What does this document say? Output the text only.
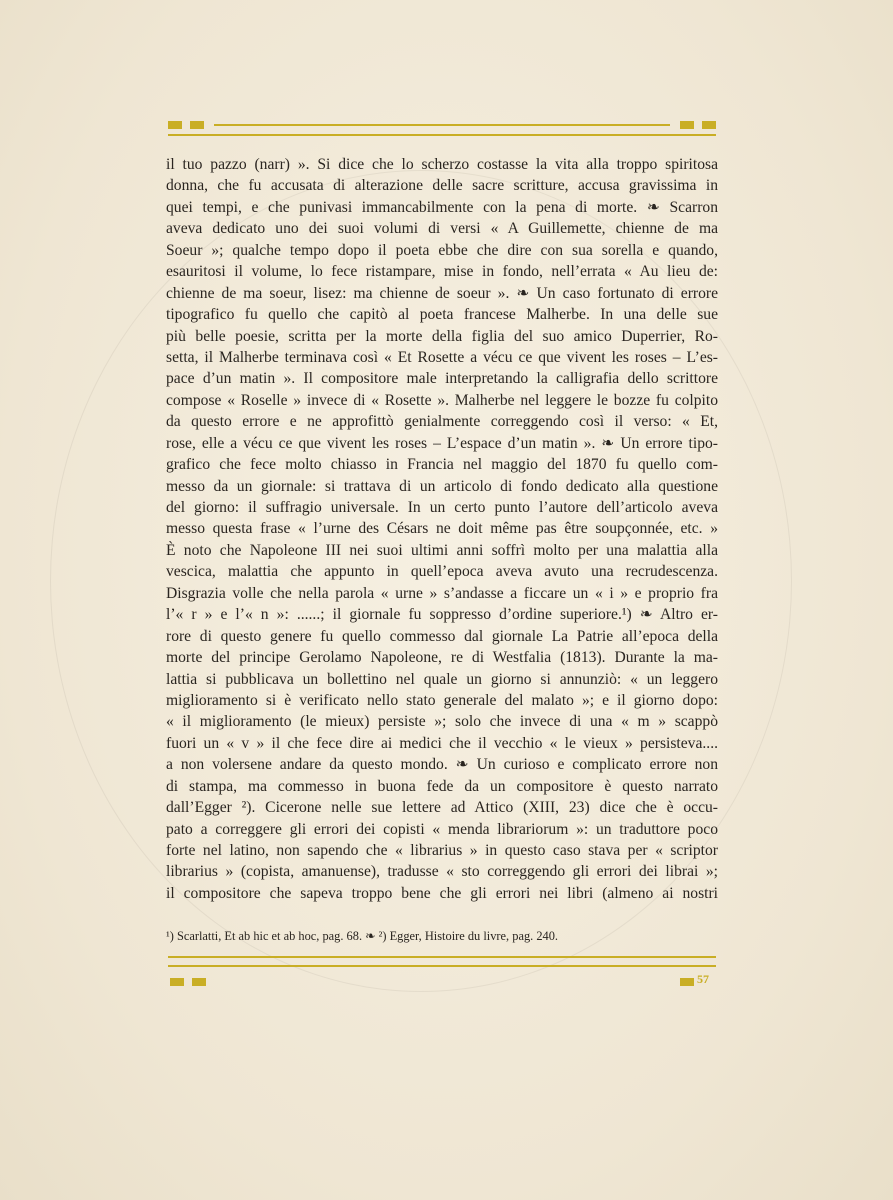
il tuo pazzo (narr) ». Si dice che lo scherzo costasse la vita alla troppo spiritosa
donna, che fu accusata di alterazione delle sacre scritture, accusa gravissima in
quei tempi, e che punivasi immancabilmente con la pena di morte. ❧ Scarron
aveva dedicato uno dei suoi volumi di versi « A Guillemette, chienne de ma
Soeur »; qualche tempo dopo il poeta ebbe che dire con sua sorella e quando,
esauritosi il volume, lo fece ristampare, mise in fondo, nell’errata « Au lieu de:
chienne de ma soeur, lisez: ma chienne de soeur ». ❧ Un caso fortunato di errore
tipografico fu quello che capitò al poeta francese Malherbe. In una delle sue
più belle poesie, scritta per la morte della figlia del suo amico Duperrier, Ro-
setta, il Malherbe terminava così « Et Rosette a vécu ce que vivent les roses – L’es-
pace d’un matin ». Il compositore male interpretando la calligrafia dello scrittore
compose « Roselle » invece di « Rosette ». Malherbe nel leggere le bozze fu colpito
da questo errore e ne approfittò genialmente correggendo così il verso: « Et,
rose, elle a vécu ce que vivent les roses – L’espace d’un matin ». ❧ Un errore tipo-
grafico che fece molto chiasso in Francia nel maggio del 1870 fu quello com-
messo da un giornale: si trattava di un articolo di fondo dedicato alla questione
del giorno: il suffragio universale. In un certo punto l’autore dell’articolo aveva
messo questa frase « l’urne des Césars ne doit même pas être soupçonnée, etc. »
È noto che Napoleone III nei suoi ultimi anni soffrì molto per una malattia alla
vescica, malattia che appunto in quell’epoca aveva avuto una recrudescenza.
Disgrazia volle che nella parola « urne » s’andasse a ficcare un « i » e proprio fra
l’« r » e l’« n »: ......; il giornale fu soppresso d’ordine superiore.¹) ❧ Altro er-
rore di questo genere fu quello commesso dal giornale La Patrie all’epoca della
morte del principe Gerolamo Napoleone, re di Westfalia (1813). Durante la ma-
lattia si pubblicava un bollettino nel quale un giorno si annunziò: « un leggero
miglioramento si è verificato nello stato generale del malato »; e il giorno dopo:
« il miglioramento (le mieux) persiste »; solo che invece di una « m » scappò
fuori un « v » il che fece dire ai medici che il vecchio « le vieux » persisteva....
a non volersene andare da questo mondo. ❧ Un curioso e complicato errore non
di stampa, ma commesso in buona fede da un compositore è questo narrato
dall’Egger ²). Cicerone nelle sue lettere ad Attico (XIII, 23) dice che è occu-
pato a correggere gli errori dei copisti « menda librariorum »: un traduttore poco
forte nel latino, non sapendo che « librarius » in questo caso stava per « scriptor
librarius » (copista, amanuense), tradusse « sto correggendo gli errori dei librai »;
il compositore che sapeva troppo bene che gli errori nei libri (almeno ai nostri
¹) Scarlatti, Et ab hic et ab hoc, pag. 68. ❧ ²) Egger, Histoire du livre, pag. 240.
57
